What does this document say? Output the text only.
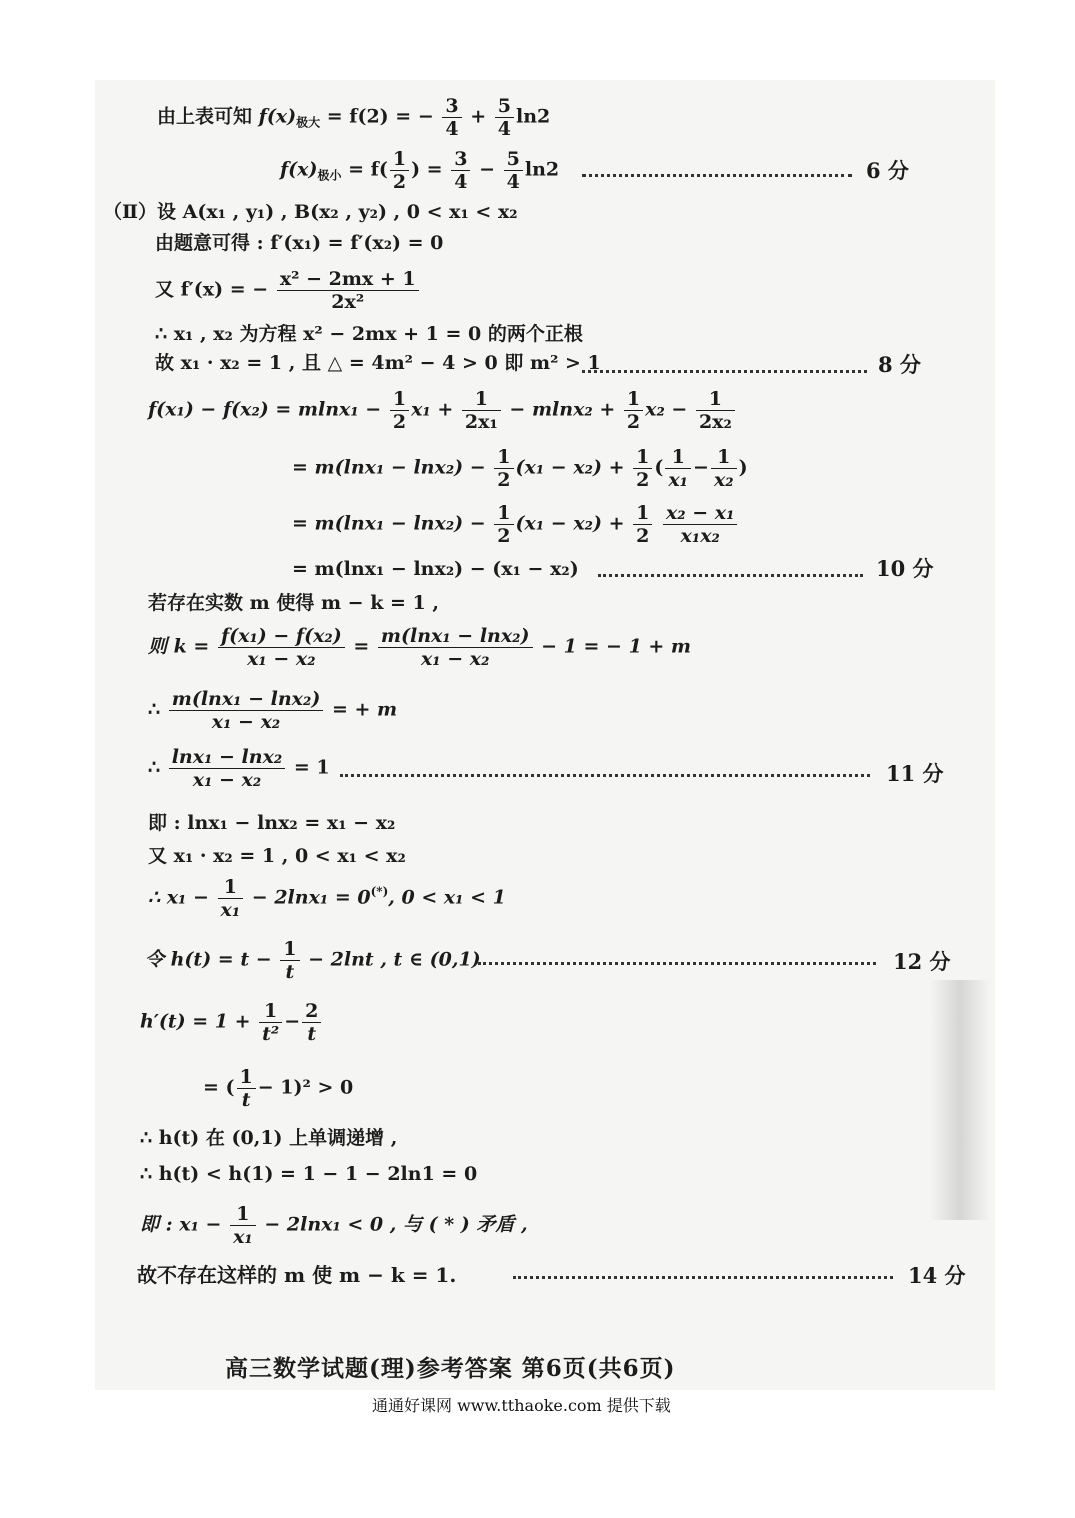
由上表可知 $f(x)_{极大} = f(2)$ = − $\frac{3}{4} + \frac{5}{4} \ln 2$
$f(x)_{极小} = f( \frac{1}{2}$ ) = $\frac{3}{4} - \frac{5}{4} \ln 2$	6 分
（Ⅱ）设 A(x₁ , y₁) , B(x₂ , y₂) , 0 < x₁ < x₂
由题意可得 : f′(x₁) = f′(x₂) = 0
又 f′(x) = − $\frac{\text{x² − 2mx + 1}}{\text{2x²}}$
∴ x₁ , x₂ 为方程 x² − 2mx + 1 = 0 的两个正根
故 x₁ · x₂ = 1 , 且 △ = 4m² − 4 > 0 即 m² > 1	8 分
$f(x_1) - f(x_2) = mlnx_1 - \frac{1}{2} x_1 + \frac{1}{\text{2x₁}} - mlnx_2 + \frac{1}{2} x_2 - \frac{1}{\text{2x₂}}$
= $m(\ln x_1 - \ln x_2) - \frac{1}{2} (x_1 - x_2) + \frac{1}{2}$ ( $\frac{1}{\text{x₁}} - \frac{1}{\text{x₂}}$ )
= $m(\ln x_1 - \ln x_2) - \frac{1}{2} (x_1 - x_2) + \frac{1}{2}$
$\frac{\text{x₂ − x₁}}{\text{x₁x₂}}$
= m(lnx₁ − lnx₂) − (x₁ − x₂)	10 分
若存在实数 m 使得 m − k = 1 ,
则 $k = \frac{\text{f(x₁) − f(x₂)}}{\text{x₁ − x₂}} = \frac{\text{m(lnx₁ − lnx₂)}}{\text{x₁ − x₂}} - 1$ = − 1 + m
∴ $\frac{\text{m(lnx₁ − lnx₂)}}{\text{x₁ − x₂}}$ = + m
∴ $\frac{\text{lnx₁ − lnx₂}}{\text{x₁ − x₂}} = 1$	11 分
即 : lnx₁ − lnx₂ = x₁ − x₂
又 x₁ · x₂ = 1 , 0 < x₁ < x₂
∴ $x_1 - \frac{1}{\text{x₁}} - 2\ln x_1 = 0^{(*)}$, 0 < x₁ < 1
令 $h(t) = t - \frac{1}{t} - 2\ln t$ , t ∈ (0,1)	12 分
$h'(t) = 1 + \frac{1}{\text{t²}} - \frac{2}{t}$
= ( $\frac{1}{t} - 1)^2 > 0$
∴ h(t) 在 (0,1) 上单调递增 ,
∴ h(t) < h(1) = 1 − 1 − 2ln1 = 0
即 : $x_1 - \frac{1}{\text{x₁}} - 2\ln x_1 < 0$ , 与 ( * ) 矛盾 ,
故不存在这样的 m 使 m − k = 1.	14 分
高三数学试题(理)参考答案 第6页(共6页)
通通好课网 www.tthaoke.com 提供下载
